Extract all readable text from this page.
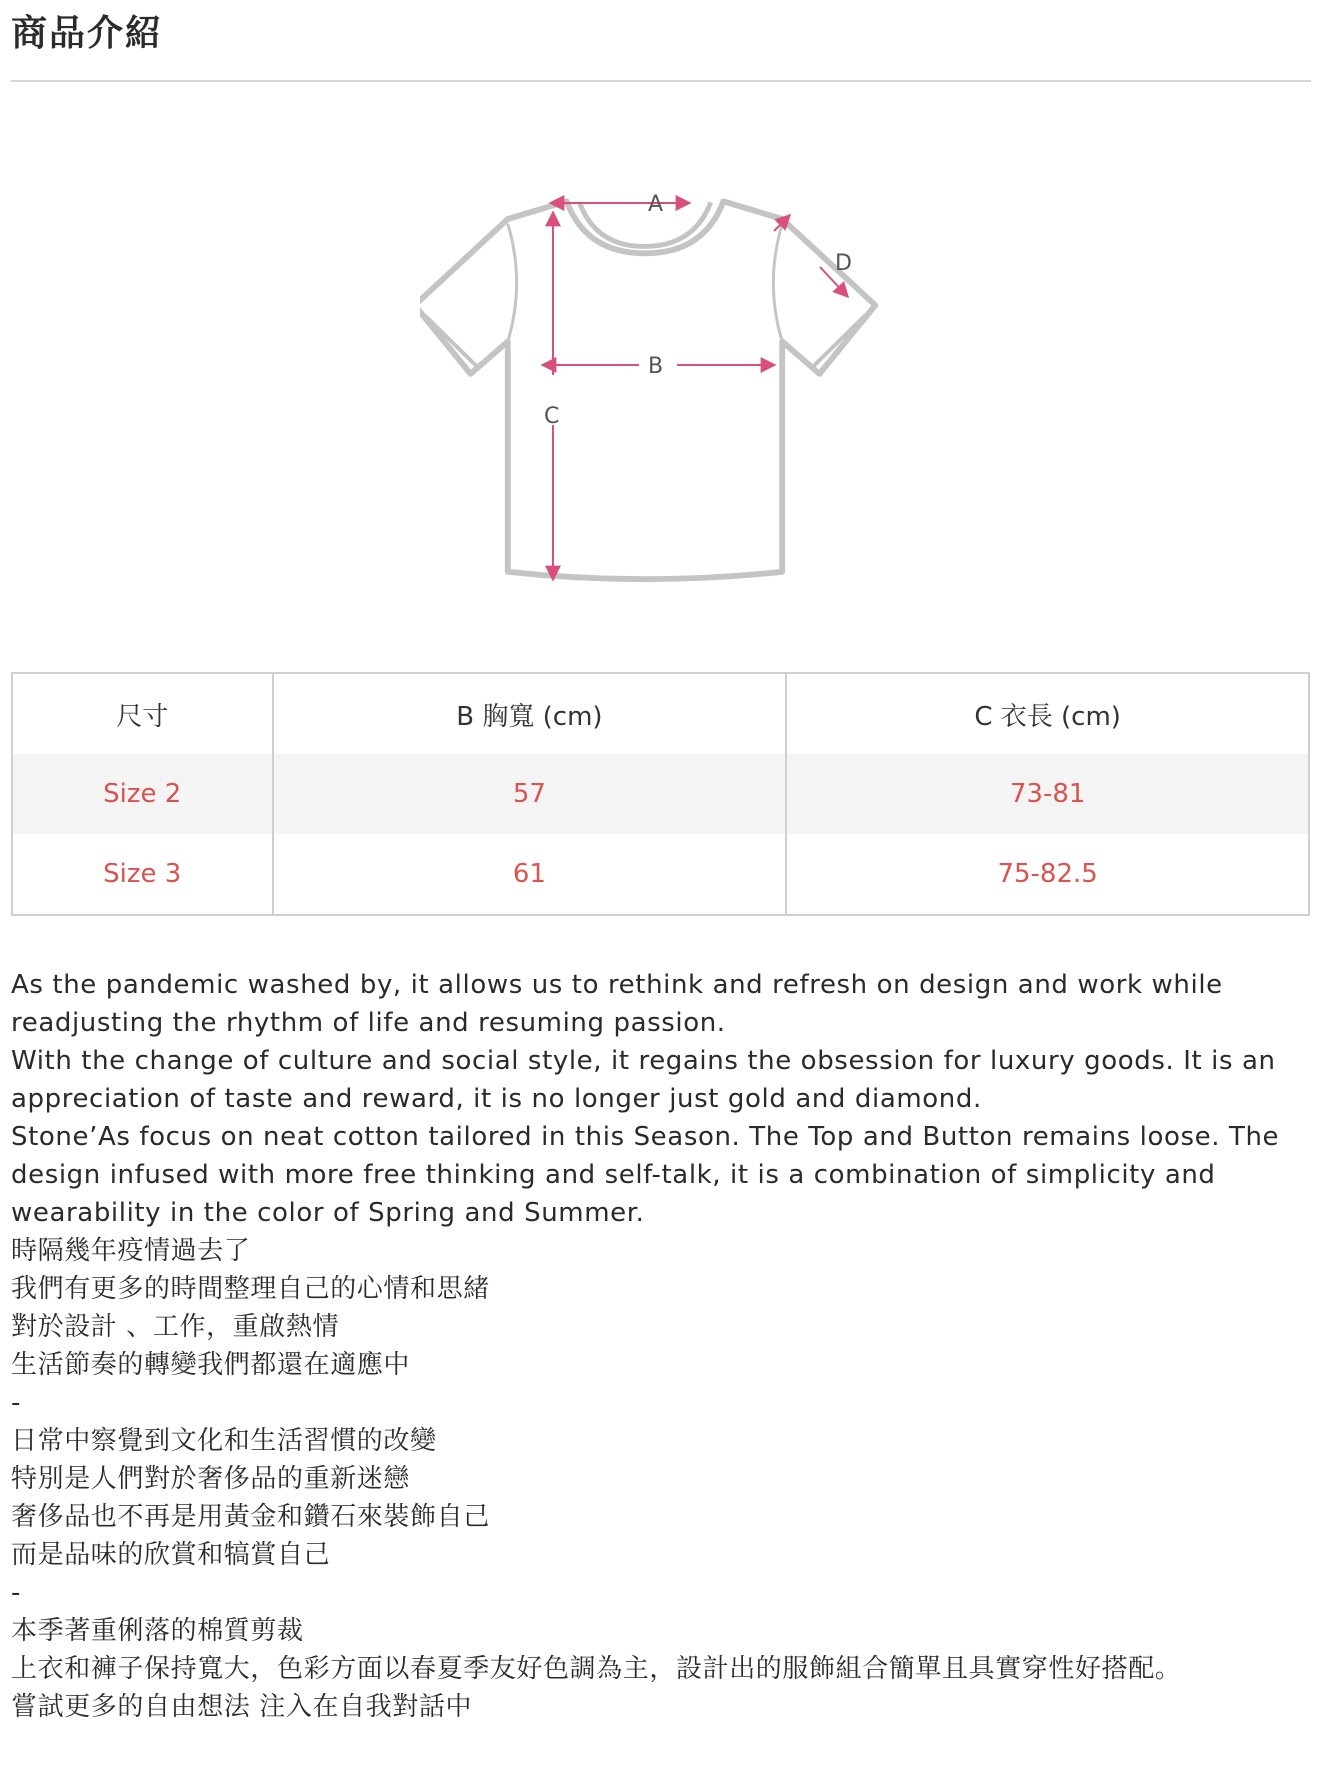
商品介紹
A
D
B
C
尺寸	B 胸寬 (cm)	C 衣長 (cm)
Size 2	57	73-81
Size 3	61	75-82.5
As the pandemic washed by, it allows us to rethink and refresh on design and work while readjusting the rhythm of life and resuming passion.
With the change of culture and social style, it regains the obsession for luxury goods. It is an appreciation of taste and reward, it is no longer just gold and diamond.
Stone’As focus on neat cotton tailored in this Season. The Top and Button remains loose. The design infused with more free thinking and self-talk, it is a combination of simplicity and wearability in the color of Spring and Summer.
時隔幾年疫情過去了
我們有更多的時間整理自己的心情和思緒
對於設計 、工作，重啟熱情
生活節奏的轉變我們都還在適應中
-
日常中察覺到文化和生活習慣的改變
特別是人們對於奢侈品的重新迷戀
奢侈品也不再是用黃金和鑽石來裝飾自己
而是品味的欣賞和犒賞自己
-
本季著重俐落的棉質剪裁
上衣和褲子保持寬大，色彩方面以春夏季友好色調為主，設計出的服飾組合簡單且具實穿性好搭配。
嘗試更多的自由想法 注入在自我對話中
